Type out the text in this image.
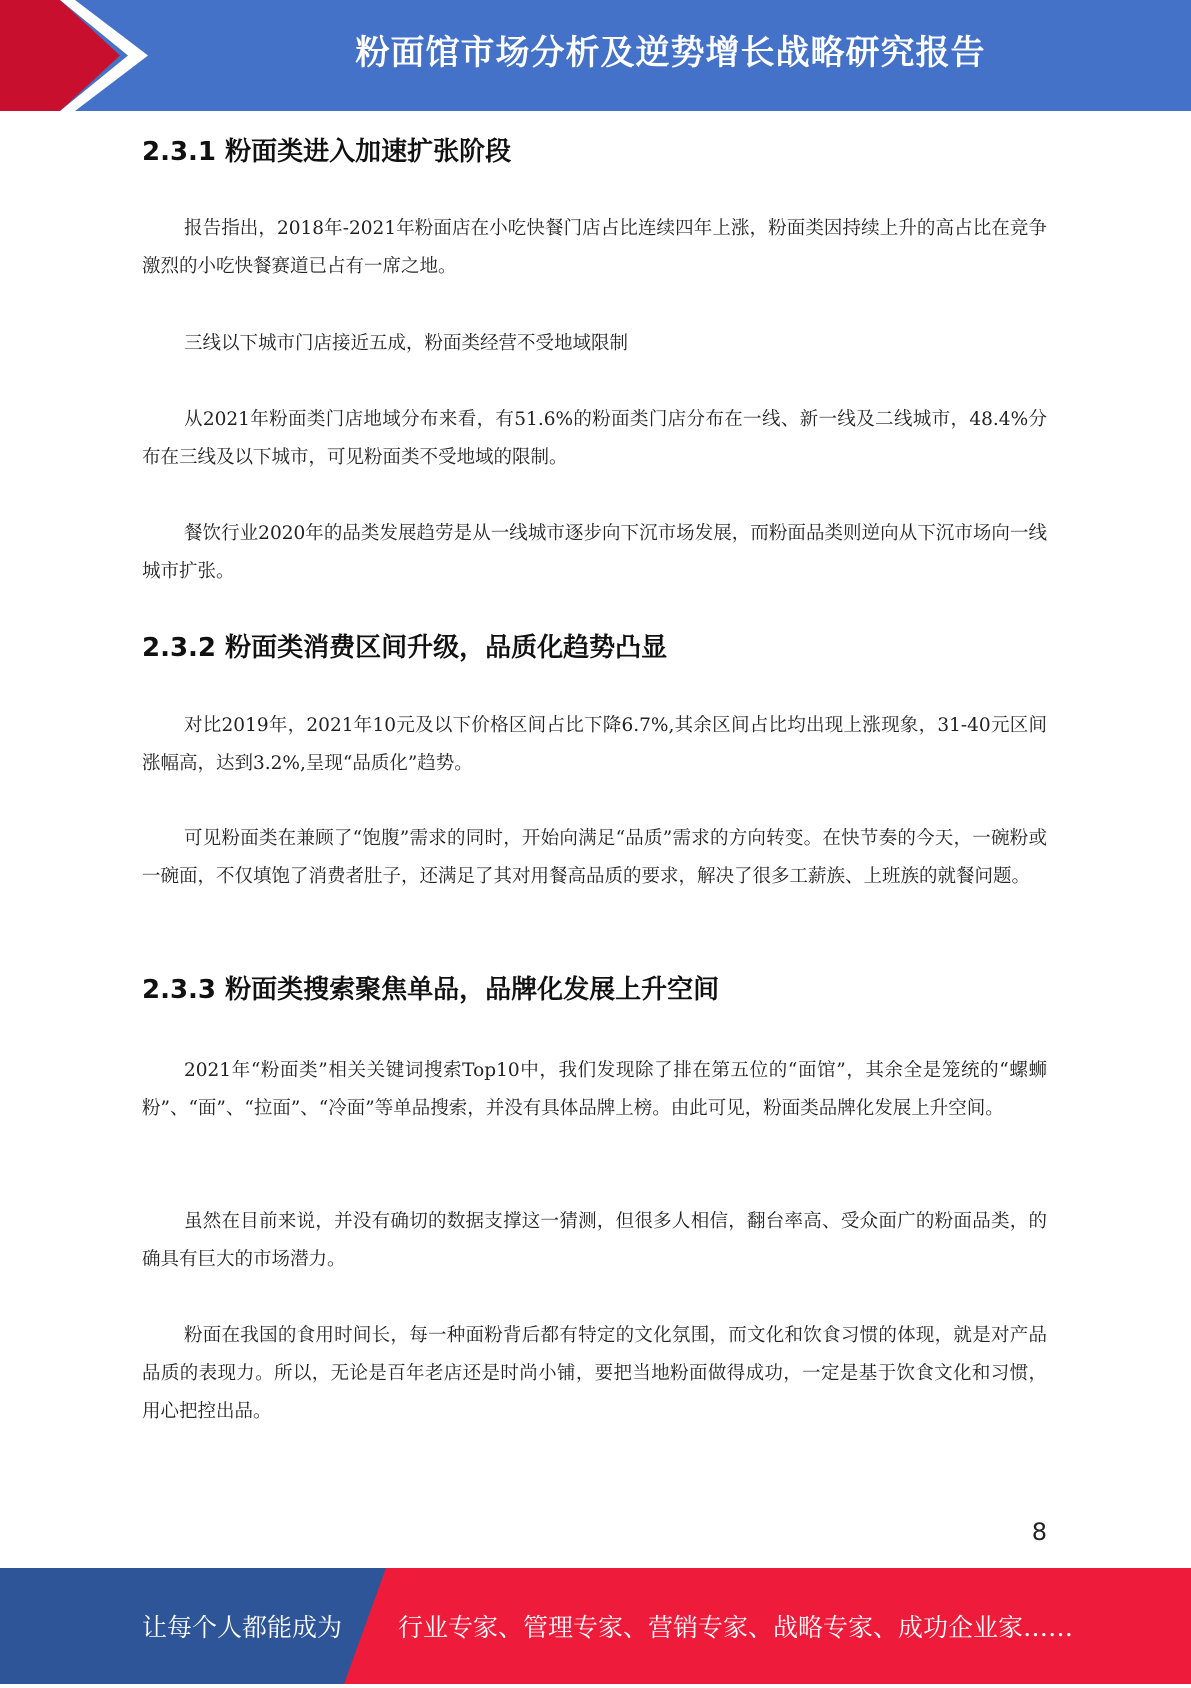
粉面馆市场分析及逆势增长战略研究报告
2.3.1 粉面类进入加速扩张阶段

报告指出，2018年-2021年粉面店在小吃快餐门店占比连续四年上涨，粉面类因持续上升的高占比在竞争激烈的小吃快餐赛道已占有一席之地。

三线以下城市门店接近五成，粉面类经营不受地域限制

从2021年粉面类门店地域分布来看，有51.6%的粉面类门店分布在一线、新一线及二线城市，48.4%分布在三线及以下城市，可见粉面类不受地域的限制。

餐饮行业2020年的品类发展趋劳是从一线城市逐步向下沉市场发展，而粉面品类则逆向从下沉市场向一线城市扩张。

2.3.2 粉面类消费区间升级，品质化趋势凸显

对比2019年，2021年10元及以下价格区间占比下降6.7%,其余区间占比均出现上涨现象，31-40元区间涨幅高，达到3.2%,呈现“品质化”趋势。

可见粉面类在兼顾了“饱腹”需求的同时，开始向满足“品质”需求的方向转变。在快节奏的今天，一碗粉或一碗面，不仅填饱了消费者肚子，还满足了其对用餐高品质的要求，解决了很多工薪族、上班族的就餐问题。

2.3.3 粉面类搜索聚焦单品，品牌化发展上升空间

2021年“粉面类”相关关键词搜索Top10中，我们发现除了排在第五位的“面馆”，其余全是笼统的“螺蛳粉”、“面”、“拉面”、“冷面”等单品搜索，并没有具体品牌上榜。由此可见，粉面类品牌化发展上升空间。

虽然在目前来说，并没有确切的数据支撑这一猜测，但很多人相信，翻台率高、受众面广的粉面品类，的确具有巨大的市场潜力。

粉面在我国的食用时间长，每一种面粉背后都有特定的文化氛围，而文化和饮食习惯的体现，就是对产品品质的表现力。所以，无论是百年老店还是时尚小铺，要把当地粉面做得成功，一定是基于饮食文化和习惯，用心把控出品。

8
让每个人都能成为 行业专家、管理专家、营销专家、战略专家、成功企业家……
